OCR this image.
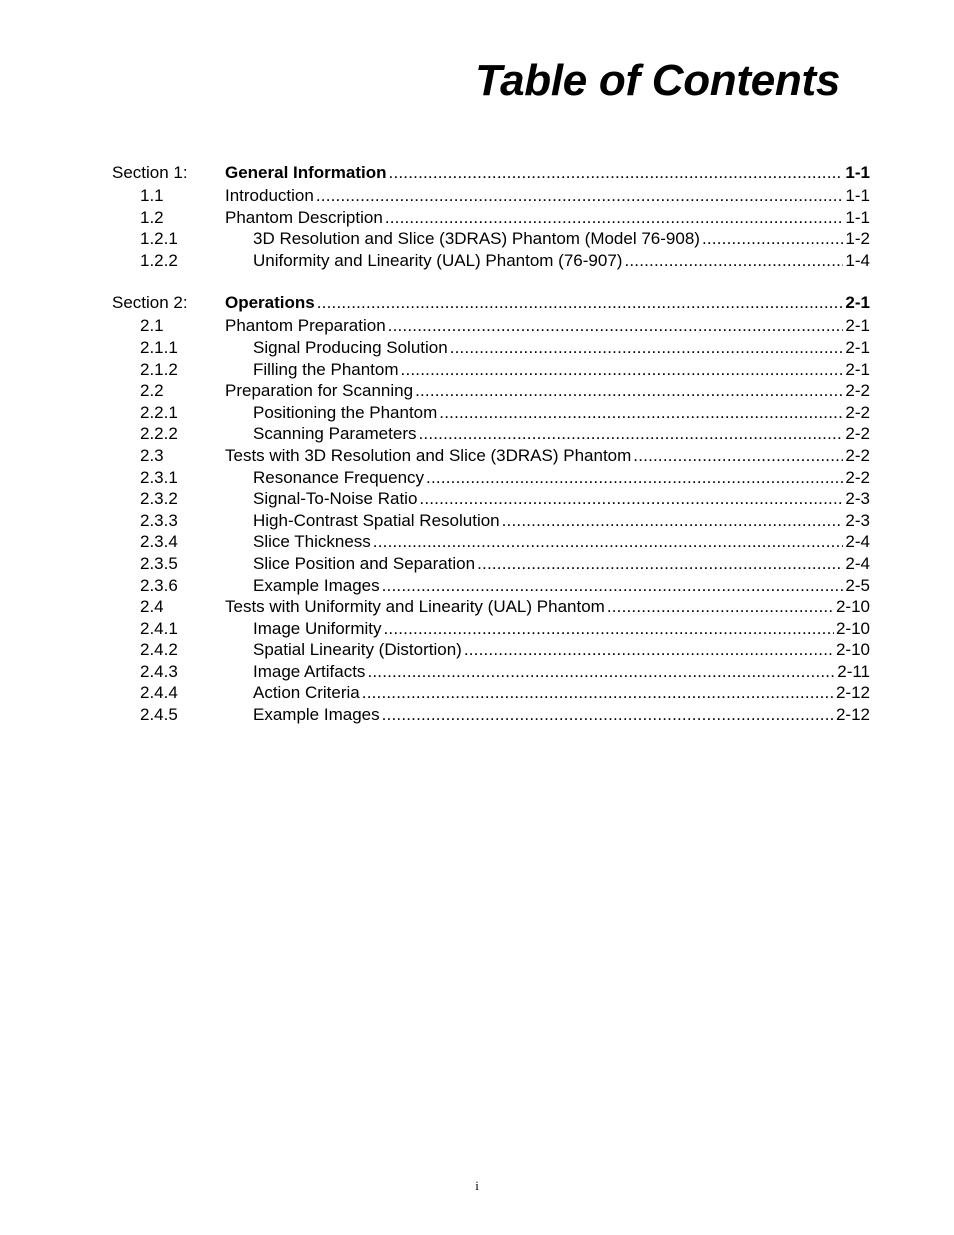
Table of Contents
Section 1:	General Information .....	1-1
1.1	Introduction .....	1-1
1.2	Phantom Description .....	1-1
1.2.1	3D Resolution and Slice (3DRAS) Phantom (Model 76-908) .....	1-2
1.2.2	Uniformity and Linearity (UAL) Phantom (76-907) .....	1-4
Section 2:	Operations .....	2-1
2.1	Phantom Preparation .....	2-1
2.1.1	Signal Producing Solution .....	2-1
2.1.2	Filling the Phantom .....	2-1
2.2	Preparation for Scanning .....	2-2
2.2.1	Positioning the Phantom .....	2-2
2.2.2	Scanning Parameters .....	2-2
2.3	Tests with 3D Resolution and Slice (3DRAS) Phantom .....	2-2
2.3.1	Resonance Frequency .....	2-2
2.3.2	Signal-To-Noise Ratio .....	2-3
2.3.3	High-Contrast Spatial Resolution .....	2-3
2.3.4	Slice Thickness .....	2-4
2.3.5	Slice Position and Separation .....	2-4
2.3.6	Example Images .....	2-5
2.4	Tests with Uniformity and Linearity (UAL) Phantom .....	2-10
2.4.1	Image Uniformity .....	2-10
2.4.2	Spatial Linearity (Distortion) .....	2-10
2.4.3	Image Artifacts .....	2-11
2.4.4	Action Criteria .....	2-12
2.4.5	Example Images .....	2-12
i
